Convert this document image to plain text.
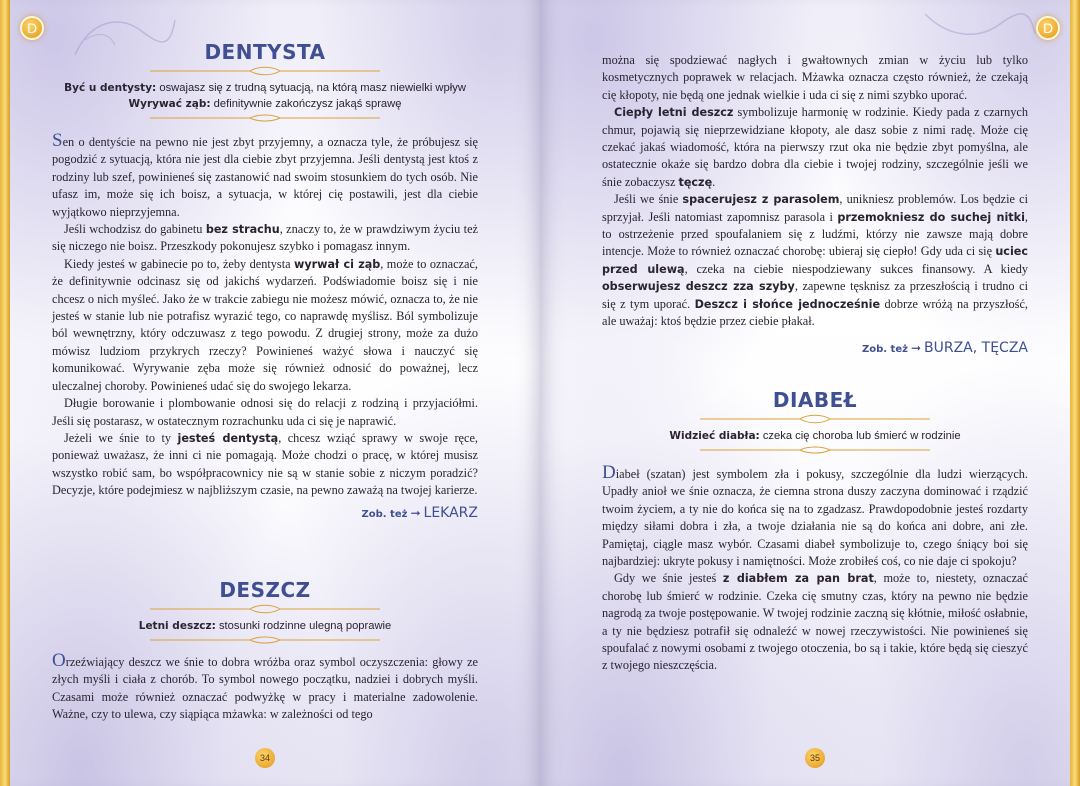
D
DENTYSTA
Być u dentysty: oswajasz się z trudną sytuacją, na którą masz niewielki wpływ
Wyrywać ząb: definitywnie zakończysz jakąś sprawę

Sen o dentyście na pewno nie jest zbyt przyjemny, a oznacza tyle, że próbujesz się pogodzić z sytuacją, która nie jest dla ciebie zbyt przyjemna. Jeśli dentystą jest ktoś z rodziny lub szef, powinieneś się zastanowić nad swoim stosunkiem do tych osób. Nie ufasz im, może się ich boisz, a sytuacja, w której cię postawili, jest dla ciebie wyjątkowo nieprzyjemna.

Jeśli wchodzisz do gabinetu bez strachu, znaczy to, że w prawdziwym życiu też się niczego nie boisz. Przeszkody pokonujesz szybko i pomagasz innym.

Kiedy jesteś w gabinecie po to, żeby dentysta wyrwał ci ząb, może to oznaczać, że definitywnie odcinasz się od jakichś wydarzeń. Podświadomie boisz się i nie chcesz o nich myśleć. Jako że w trakcie zabiegu nie możesz mówić, oznacza to, że nie jesteś w stanie lub nie potrafisz wyrazić tego, co naprawdę myślisz. Ból symbolizuje ból wewnętrzny, który odczuwasz z tego powodu. Z drugiej strony, może za dużo mówisz ludziom przykrych rzeczy? Powinieneś ważyć słowa i nauczyć się komunikować. Wyrywanie zęba może się również odnosić do poważnej, lecz uleczalnej choroby. Powinieneś udać się do swojego lekarza.

Długie borowanie i plombowanie odnosi się do relacji z rodziną i przyjaciółmi. Jeśli się postarasz, w ostatecznym rozrachunku uda ci się je naprawić.

Jeżeli we śnie to ty jesteś dentystą, chcesz wziąć sprawy w swoje ręce, ponieważ uważasz, że inni ci nie pomagają. Może chodzi o pracę, w której musisz wszystko robić sam, bo współpracownicy nie są w stanie sobie z niczym poradzić? Decyzje, które podejmiesz w najbliższym czasie, na pewno zaważą na twojej karierze.

Zob. też ➞ LEKARZ
DESZCZ
Letni deszcz: stosunki rodzinne ulegną poprawie

Orzeźwiający deszcz we śnie to dobra wróżba oraz symbol oczyszczenia: głowy ze złych myśli i ciała z chorób. To symbol nowego początku, nadziei i dobrych myśli. Czasami może również oznaczać podwyżkę w pracy i materialne zadowolenie. Ważne, czy to ulewa, czy siąpiąca mżawka: w zależności od tego

34
D

można się spodziewać nagłych i gwałtownych zmian w życiu lub tylko kosmetycznych poprawek w relacjach. Mżawka oznacza często również, że czekają cię kłopoty, nie będą one jednak wielkie i uda ci się z nimi szybko uporać.

Ciepły letni deszcz symbolizuje harmonię w rodzinie. Kiedy pada z czarnych chmur, pojawią się nieprzewidziane kłopoty, ale dasz sobie z nimi radę. Może cię czekać jakaś wiadomość, która na pierwszy rzut oka nie będzie zbyt pomyślna, ale ostatecznie okaże się bardzo dobra dla ciebie i twojej rodziny, szczególnie jeśli we śnie zobaczysz tęczę.

Jeśli we śnie spacerujesz z parasolem, unikniesz problemów. Los będzie ci sprzyjał. Jeśli natomiast zapomnisz parasola i przemokniesz do suchej nitki, to ostrzeżenie przed spoufalaniem się z ludźmi, którzy nie zawsze mają dobre intencje. Może to również oznaczać chorobę: ubieraj się ciepło! Gdy uda ci się uciec przed ulewą, czeka na ciebie niespodziewany sukces finansowy. A kiedy obserwujesz deszcz zza szyby, zapewne tęsknisz za przeszłością i trudno ci się z tym uporać. Deszcz i słońce jednocześnie dobrze wróżą na przyszłość, ale uważaj: ktoś będzie przez ciebie płakał.

Zob. też ➞ BURZA, TĘCZA
DIABEŁ
Widzieć diabła: czeka cię choroba lub śmierć w rodzinie

Diabeł (szatan) jest symbolem zła i pokusy, szczególnie dla ludzi wierzących. Upadły anioł we śnie oznacza, że ciemna strona duszy zaczyna dominować i rządzić twoim życiem, a ty nie do końca się na to zgadzasz. Prawdopodobnie jesteś rozdarty między siłami dobra i zła, a twoje działania nie są do końca ani dobre, ani złe. Pamiętaj, ciągle masz wybór. Czasami diabeł symbolizuje to, czego śniący boi się najbardziej: ukryte pokusy i namiętności. Może zrobiłeś coś, co nie daje ci spokoju?

Gdy we śnie jesteś z diabłem za pan brat, może to, niestety, oznaczać chorobę lub śmierć w rodzinie. Czeka cię smutny czas, który na pewno nie będzie nagrodą za twoje postępowanie. W twojej rodzinie zaczną się kłótnie, miłość osłabnie, a ty nie będziesz potrafił się odnaleźć w nowej rzeczywistości. Nie powinieneś się spoufalać z nowymi osobami z twojego otoczenia, bo są i takie, które będą się cieszyć z twojego nieszczęścia.

35
